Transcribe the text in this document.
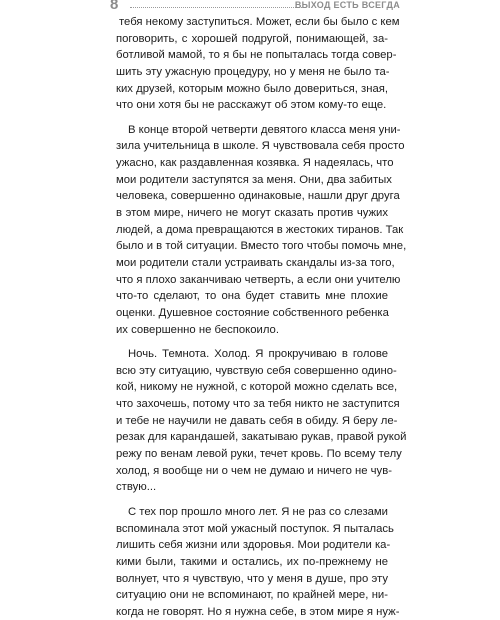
8	ВЫХОД ЕСТЬ ВСЕГДА
тебя некому заступиться. Может, если бы было с кем
поговорить, с хорошей подругой, понимающей, за-
ботливой мамой, то я бы не попыталась тогда совер-
шить эту ужасную процедуру, но у меня не было та-
ких друзей, которым можно было довериться, зная,
что они хотя бы не расскажут об этом кому-то еще.
В конце второй четверти девятого класса меня уни-
зила учительница в школе. Я чувствовала себя просто
ужасно, как раздавленная козявка. Я надеялась, что
мои родители заступятся за меня. Они, два забитых
человека, совершенно одинаковые, нашли друг друга
в этом мире, ничего не могут сказать против чужих
людей, а дома превращаются в жестоких тиранов. Так
было и в той ситуации. Вместо того чтобы помочь мне,
мои родители стали устраивать скандалы из-за того,
что я плохо заканчиваю четверть, а если они учителю
что-то сделают, то она будет ставить мне плохие
оценки. Душевное состояние собственного ребенка
их совершенно не беспокоило.
Ночь. Темнота. Холод. Я прокручиваю в голове
всю эту ситуацию, чувствую себя совершенно одино-
кой, никому не нужной, с которой можно сделать все,
что захочешь, потому что за тебя никто не заступится
и тебе не научили не давать себя в обиду. Я беру ле-
резак для карандашей, закатываю рукав, правой рукой
режу по венам левой руки, течет кровь. По всему телу
холод, я вообще ни о чем не думаю и ничего не чув-
ствую...
С тех пор прошло много лет. Я не раз со слезами
вспоминала этот мой ужасный поступок. Я пыталась
лишить себя жизни или здоровья. Мои родители ка-
кими были, такими и остались, их по-прежнему не
волнует, что я чувствую, что у меня в душе, про эту
ситуацию они не вспоминают, по крайней мере, ни-
когда не говорят. Но я нужна себе, в этом мире я нуж-
